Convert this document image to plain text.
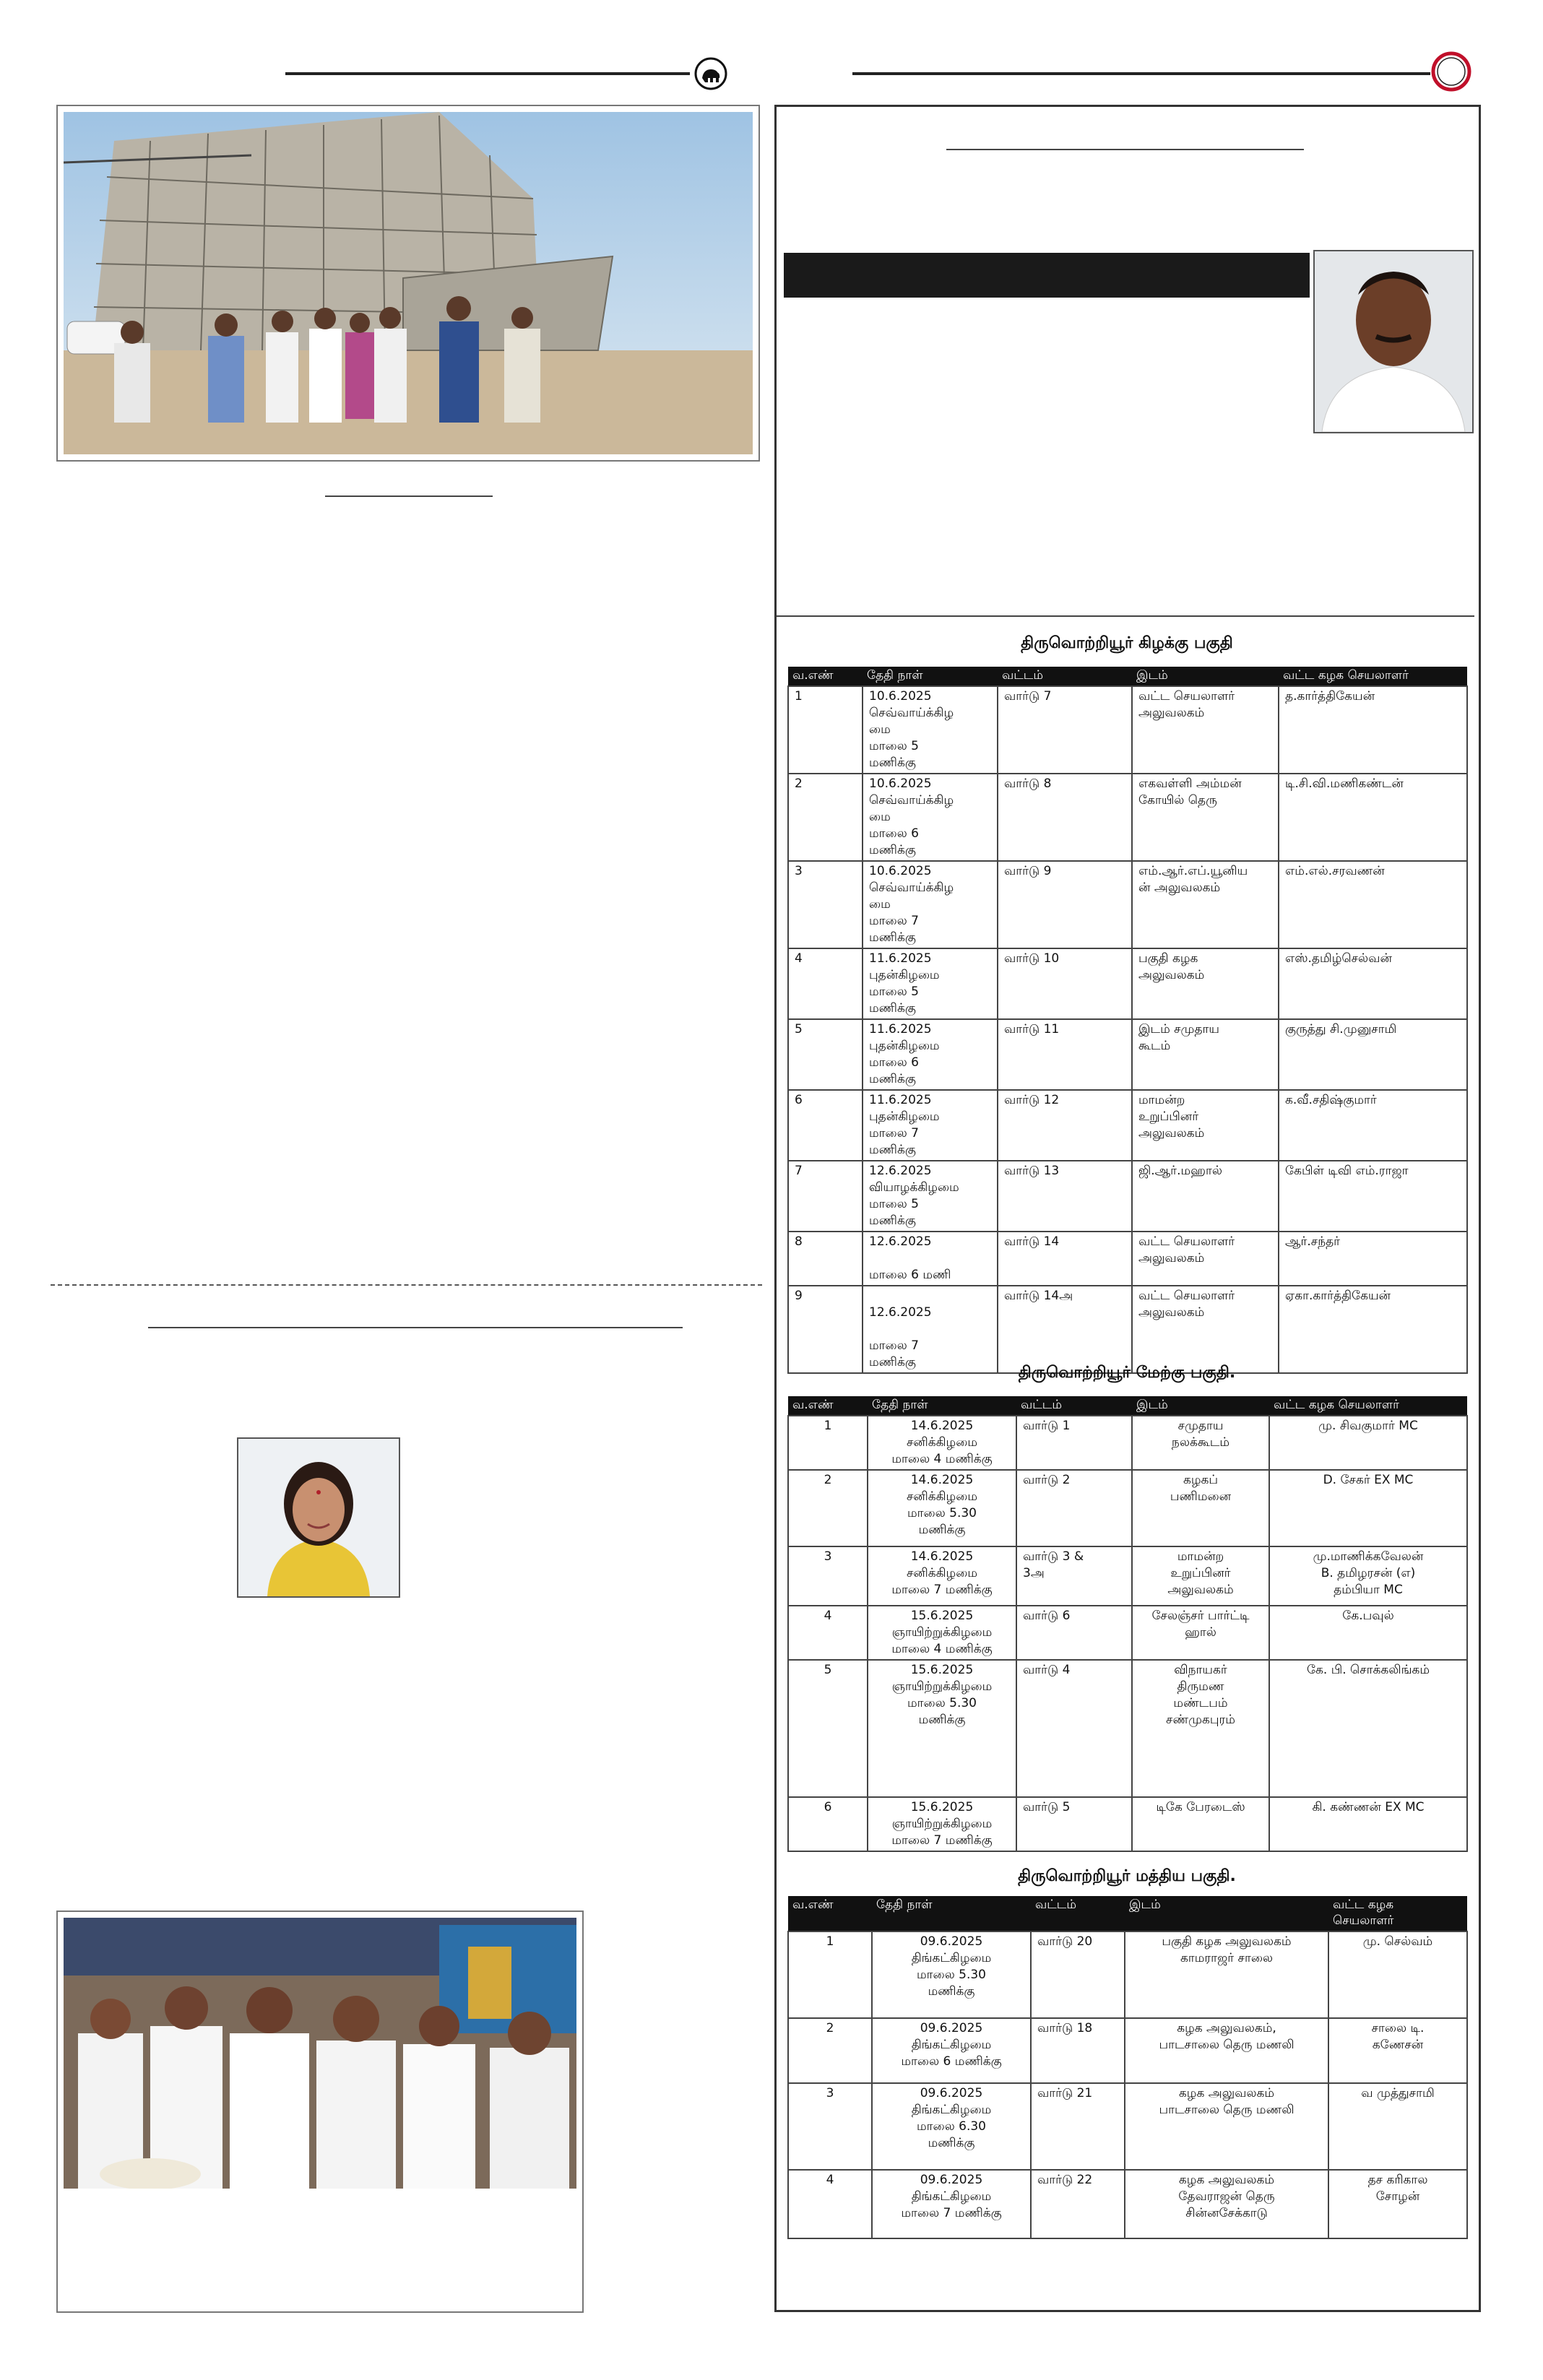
திருவொற்றியூர் கிழக்கு பகுதி
வ.எண்	தேதி நாள்	வட்டம்	இடம்	வட்ட கழக செயலாளர்
1	10.6.2025
செவ்வாய்க்கிழ
மை
மாலை 5
மணிக்கு	வார்டு 7	வட்ட செயலாளர்
அலுவலகம்	த.கார்த்திகேயன்
2	10.6.2025
செவ்வாய்க்கிழ
மை
மாலை 6
மணிக்கு	வார்டு 8	எகவள்ளி அம்மன்
கோயில் தெரு	டி.சி.வி.மணிகண்டன்
3	10.6.2025
செவ்வாய்க்கிழ
மை
மாலை 7
மணிக்கு	வார்டு 9	எம்.ஆர்.எப்.யூனிய
ன் அலுவலகம்	எம்.எல்.சரவணன்
4	11.6.2025
புதன்கிழமை
மாலை 5
மணிக்கு	வார்டு 10	பகுதி கழக
அலுவலகம்	எஸ்.தமிழ்செல்வன்
5	11.6.2025
புதன்கிழமை
மாலை 6
மணிக்கு	வார்டு 11	இடம் சமுதாய
கூடம்	குருத்து சி.முனுசாமி
6	11.6.2025
புதன்கிழமை
மாலை 7
மணிக்கு	வார்டு 12	மாமன்ற
உறுப்பினர்
அலுவலகம்	க.வீ.சதிஷ்குமார்
7	12.6.2025
வியாழக்கிழமை
மாலை 5
மணிக்கு	வார்டு 13	ஜி.ஆர்.மஹால்	கேபிள் டிவி எம்.ராஜா
8	12.6.2025

மாலை 6 மணி	வார்டு 14	வட்ட செயலாளர்
அலுவலகம்	ஆர்.சந்தர்
9	
12.6.2025

மாலை 7
மணிக்கு	வார்டு 14அ	வட்ட செயலாளர்
அலுவலகம்	ஏகா.கார்த்திகேயன்
திருவொற்றியூர் மேற்கு பகுதி.
வ.எண்	தேதி நாள்	வட்டம்	இடம்	வட்ட கழக செயலாளர்
1	14.6.2025
சனிக்கிழமை
மாலை 4 மணிக்கு	வார்டு 1	சமுதாய
நலக்கூடம்	மு. சிவகுமார் MC
2	14.6.2025
சனிக்கிழமை
மாலை 5.30
மணிக்கு	வார்டு 2	கழகப்
பணிமனை	D. சேகர் EX MC
3	14.6.2025
சனிக்கிழமை
மாலை 7 மணிக்கு	வார்டு 3 &
3அ	மாமன்ற
உறுப்பினர்
அலுவலகம்	மு.மாணிக்கவேலன்
B. தமிழரசன் (எ)
தம்பியா MC
4	15.6.2025
ஞாயிற்றுக்கிழமை
மாலை 4 மணிக்கு	வார்டு 6	சேலஞ்சர் பார்ட்டி
ஹால்	கே.பவுல்
5	15.6.2025
ஞாயிற்றுக்கிழமை
மாலை 5.30
மணிக்கு	வார்டு 4	விநாயகர்
திருமண
மண்டபம்
சண்முகபுரம்	கே. பி. சொக்கலிங்கம்
6	15.6.2025
ஞாயிற்றுக்கிழமை
மாலை 7 மணிக்கு	வார்டு 5	டிகே பேரடைஸ்	கி. கண்ணன் EX MC
திருவொற்றியூர் மத்திய பகுதி.
வ.எண்	தேதி நாள்	வட்டம்	இடம்	வட்ட கழக
செயலாளர்
1	09.6.2025
திங்கட்கிழமை
மாலை 5.30
மணிக்கு	வார்டு 20	பகுதி கழக அலுவலகம்
காமராஜர் சாலை	மு. செல்வம்
2	09.6.2025
திங்கட்கிழமை
மாலை 6 மணிக்கு	வார்டு 18	கழக அலுவலகம்,
பாடசாலை தெரு மணலி	சாலை டி.
கணேசன்
3	09.6.2025
திங்கட்கிழமை
மாலை 6.30
மணிக்கு	வார்டு 21	கழக அலுவலகம்
பாடசாலை தெரு மணலி	வ முத்துசாமி
4	09.6.2025
திங்கட்கிழமை
மாலை 7 மணிக்கு	வார்டு 22	கழக அலுவலகம்
தேவராஜன் தெரு
சின்னசேக்காடு	தச கரிகால
சோழன்
